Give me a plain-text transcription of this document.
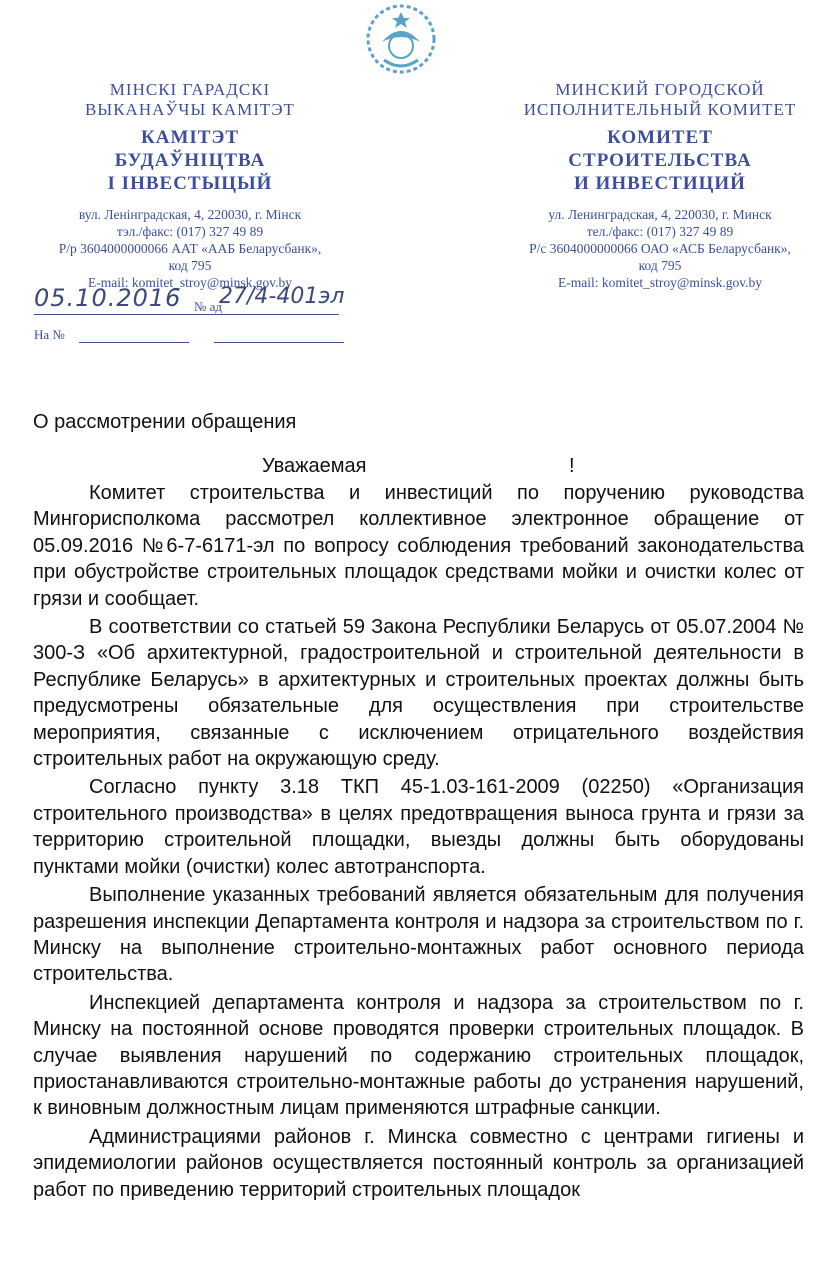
МІНСКІ ГАРАДСКІ
ВЫКАНАЎЧЫ КАМІТЭТ
КАМІТЭТ
БУДАЎНІЦТВА
І ІНВЕСТЫЦЫЙ
вул. Ленінградская, 4, 220030, г. Мінск
тэл./факс: (017) 327 49 89
Р/р 3604000000066 ААТ «ААБ Беларусбанк»,
код 795
E-mail: komitet_stroy@minsk.gov.by
МИНСКИЙ ГОРОДСКОЙ
ИСПОЛНИТЕЛЬНЫЙ КОМИТЕТ
КОМИТЕТ
СТРОИТЕЛЬСТВА
И ИНВЕСТИЦИЙ
ул. Ленинградская, 4, 220030, г. Минск
тел./факс: (017) 327 49 89
Р/с 3604000000066 ОАО «АСБ Беларусбанк»,
код 795
E-mail: komitet_stroy@minsk.gov.by
05.10.2016 № ад
27/4-401эл
На №
О рассмотрении обращения
Уважаемая	!

Комитет строительства и инвестиций по поручению руководства Мингорисполкома рассмотрел коллективное электронное обращение от 05.09.2016 №6-7-6171-эл по вопросу соблюдения требований законодательства при обустройстве строительных площадок средствами мойки и очистки колес от грязи и сообщает.

В соответствии со статьей 59 Закона Республики Беларусь от 05.07.2004 № 300-З «Об архитектурной, градостроительной и строительной деятельности в Республике Беларусь» в архитектурных и строительных проектах должны быть предусмотрены обязательные для осуществления при строительстве мероприятия, связанные с исключением отрицательного воздействия строительных работ на окружающую среду.

Согласно пункту 3.18 ТКП 45-1.03-161-2009 (02250) «Организация строительного производства» в целях предотвращения выноса грунта и грязи за территорию строительной площадки, выезды должны быть оборудованы пунктами мойки (очистки) колес автотранспорта.

Выполнение указанных требований является обязательным для получения разрешения инспекции Департамента контроля и надзора за строительством по г. Минску на выполнение строительно-монтажных работ основного периода строительства.

Инспекцией департамента контроля и надзора за строительством по г. Минску на постоянной основе проводятся проверки строительных площадок. В случае выявления нарушений по содержанию строительных площадок, приостанавливаются строительно-монтажные работы до устранения нарушений, к виновным должностным лицам применяются штрафные санкции.

Администрациями районов г. Минска совместно с центрами гигиены и эпидемиологии районов осуществляется постоянный контроль за организацией работ по приведению территорий строительных площадок
